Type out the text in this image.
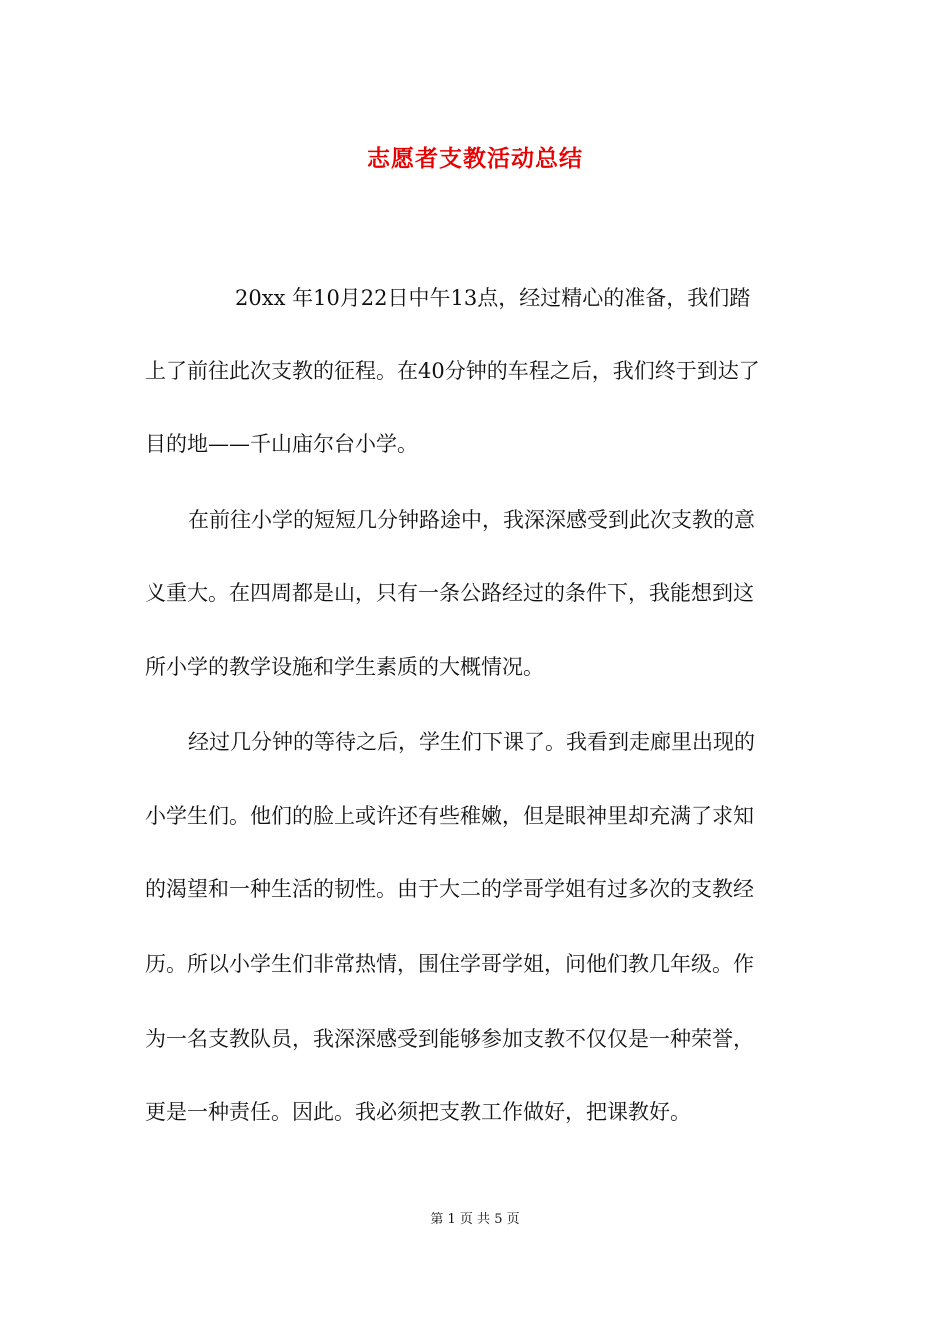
志愿者支教活动总结
20xx 年10月22日中午13点，经过精心的准备，我们踏
上了前往此次支教的征程。在40分钟的车程之后，我们终于到达了
目的地——千山庙尔台小学。
在前往小学的短短几分钟路途中，我深深感受到此次支教的意
义重大。在四周都是山，只有一条公路经过的条件下，我能想到这
所小学的教学设施和学生素质的大概情况。
经过几分钟的等待之后，学生们下课了。我看到走廊里出现的
小学生们。他们的脸上或许还有些稚嫩，但是眼神里却充满了求知
的渴望和一种生活的韧性。由于大二的学哥学姐有过多次的支教经
历。所以小学生们非常热情，围住学哥学姐，问他们教几年级。作
为一名支教队员，我深深感受到能够参加支教不仅仅是一种荣誉，
更是一种责任。因此。我必须把支教工作做好，把课教好。
第 1 页 共 5 页
